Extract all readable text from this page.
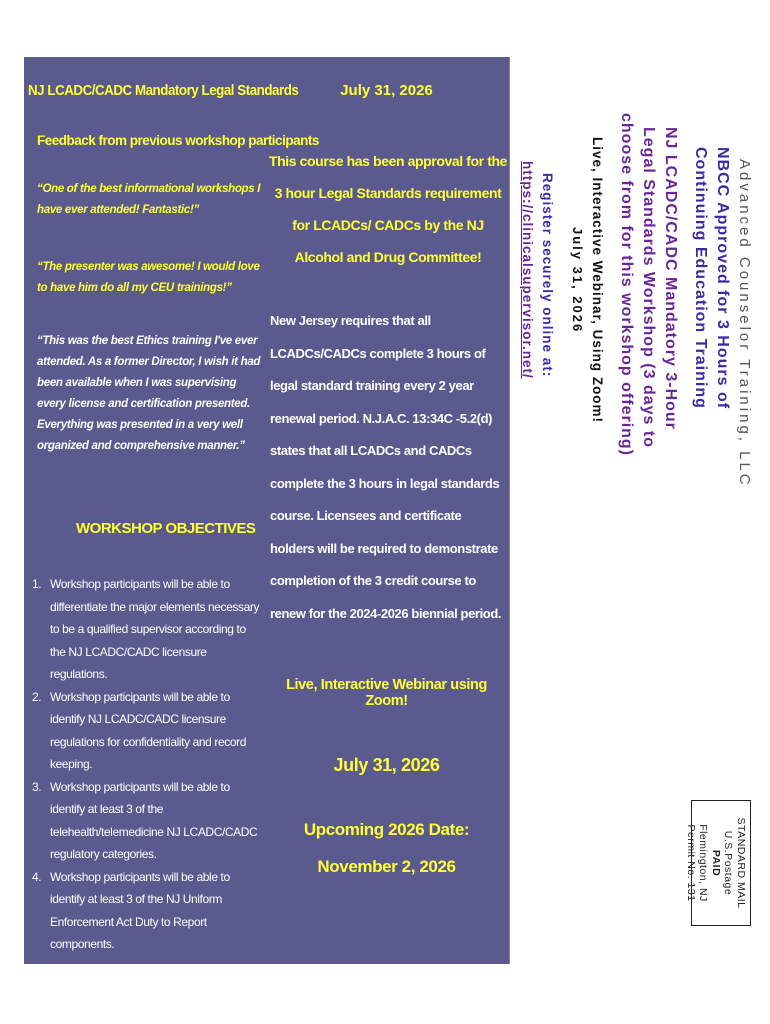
NJ LCADC/CADC Mandatory Legal Standards
Feedback from previous workshop participants
“One of the best informational workshops I have ever attended! Fantastic!”
“The presenter was awesome! I would love to have him do all my CEU trainings!”
“This was the best Ethics training I've ever attended. As a former Director, I wish it had been available when I was supervising every license and certification presented. Everything was presented in a very well organized and comprehensive manner.”
WORKSHOP OBJECTIVES
1. Workshop participants will be able to differentiate the major elements necessary to be a qualified supervisor according to the NJ LCADC/CADC licensure regulations.
2. Workshop participants will be able to identify NJ LCADC/CADC licensure regulations for confidentiality and record keeping.
3. Workshop participants will be able to identify at least 3 of the telehealth/telemedicine NJ LCADC/CADC regulatory categories.
4. Workshop participants will be able to identify at least 3 of the NJ Uniform Enforcement Act Duty to Report components.
July 31, 2026
This course has been approval for the 3 hour Legal Standards requirement for LCADCs/ CADCs by the NJ Alcohol and Drug Committee!
New Jersey requires that all LCADCs/CADCs complete 3 hours of legal standard training every 2 year renewal period. N.J.A.C. 13:34C -5.2(d) states that all LCADCs and CADCs complete the 3 hours in legal standards course. Licensees and certificate holders will be required to demonstrate completion of the 3 credit course to renew for the 2024-2026 biennial period.
Live, Interactive Webinar using Zoom!
July 31, 2026
Upcoming 2026 Date:
November 2, 2026
Advanced Counselor Training, LLC
NBCC Approved for 3 Hours of
Continuing Education Training
NJ LCADC/CADC Mandatory 3-Hour
Legal Standards Workshop (3 days to
choose from for this workshop offering)
Live, Interactive Webinar, Using Zoom!
July 31, 2026
Register securely online at:
https://clinicalsupervisor.net/
STANDARD MAIL
U.S.Postage
PAID
Flemington, NJ
Permit No. 131
